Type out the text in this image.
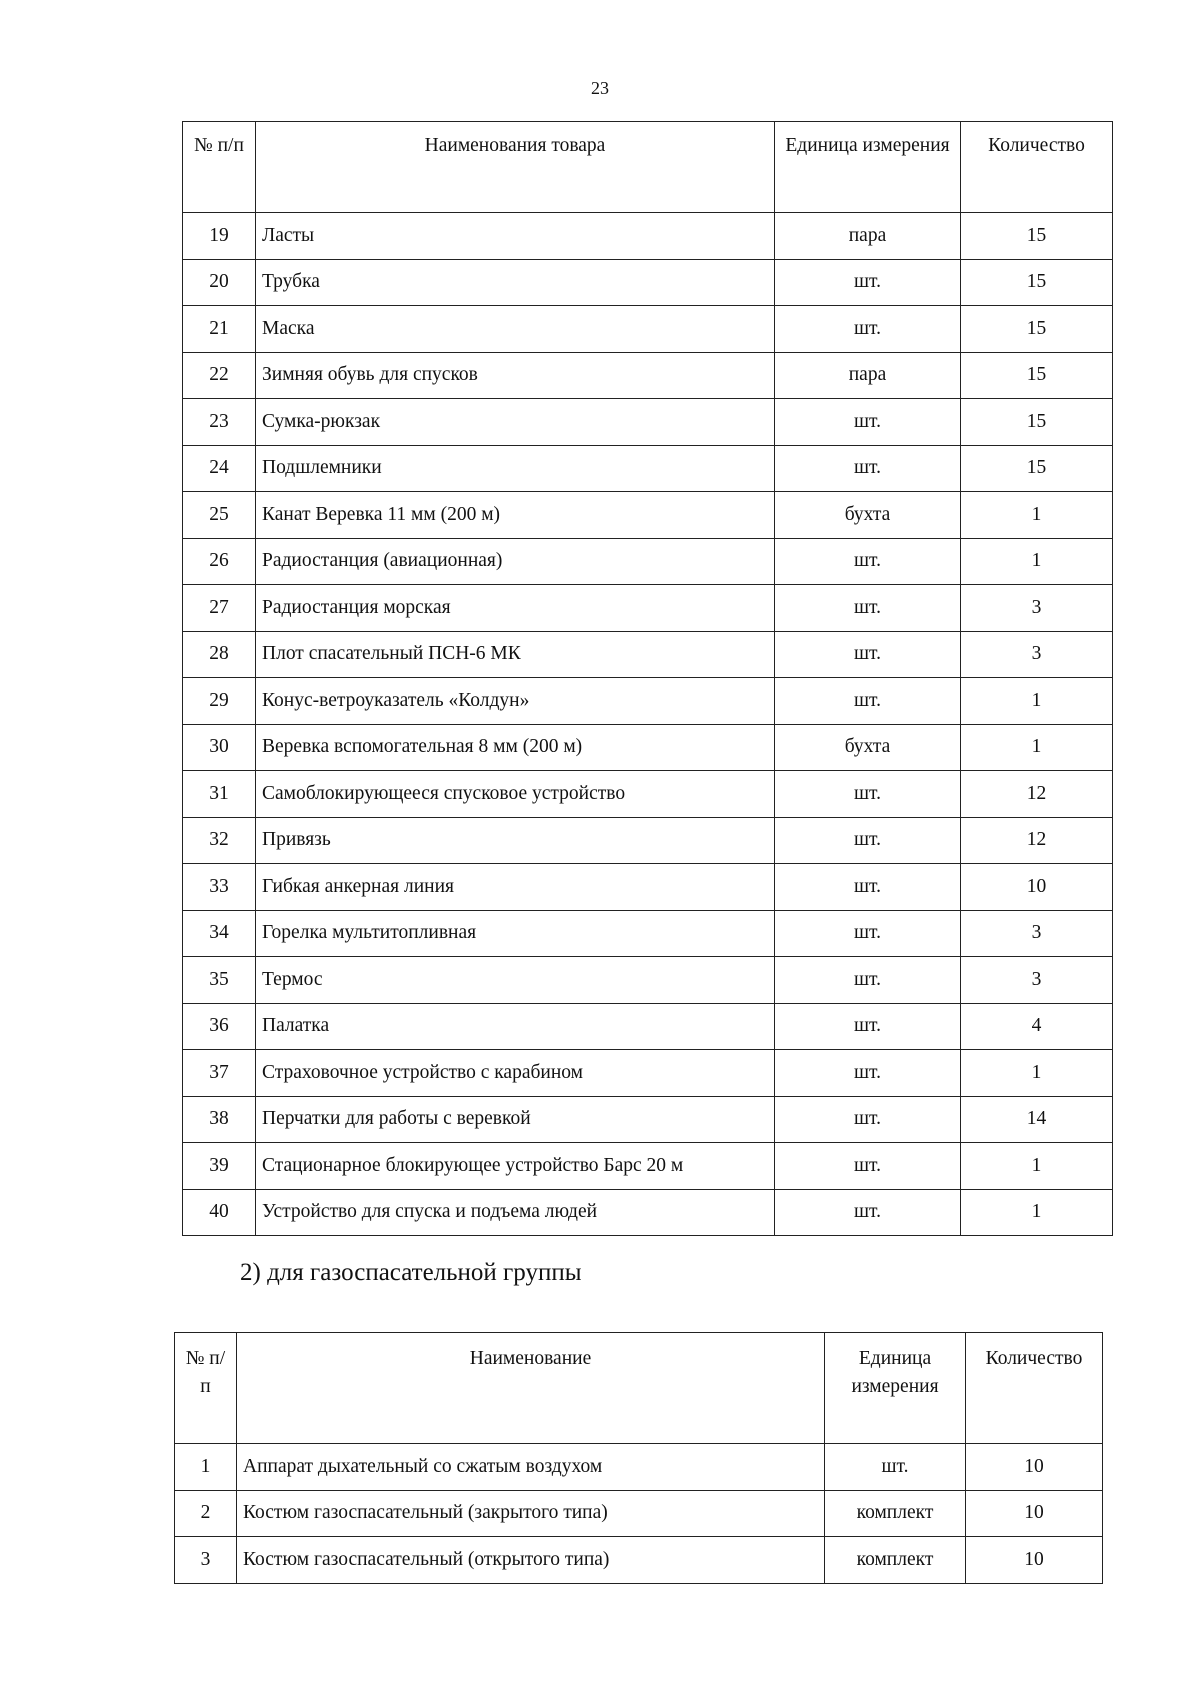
23
№ п/п	Наименования товара	Единица измерения	Количество
19	Ласты	пара	15
20	Трубка	шт.	15
21	Маска	шт.	15
22	Зимняя обувь для спусков	пара	15
23	Сумка-рюкзак	шт.	15
24	Подшлемники	шт.	15
25	Канат Веревка 11 мм (200 м)	бухта	1
26	Радиостанция (авиационная)	шт.	1
27	Радиостанция морская	шт.	3
28	Плот спасательный ПСН-6 МК	шт.	3
29	Конус-ветроуказатель «Колдун»	шт.	1
30	Веревка вспомогательная 8 мм (200 м)	бухта	1
31	Самоблокирующееся спусковое устройство	шт.	12
32	Привязь	шт.	12
33	Гибкая анкерная линия	шт.	10
34	Горелка мультитопливная	шт.	3
35	Термос	шт.	3
36	Палатка	шт.	4
37	Страховочное устройство с карабином	шт.	1
38	Перчатки для работы с веревкой	шт.	14
39	Стационарное блокирующее устройство Барс 20 м	шт.	1
40	Устройство для спуска и подъема людей	шт.	1
2) для газоспасательной группы
№ п/п	Наименование	Единица измерения	Количество
1	Аппарат дыхательный со сжатым воздухом	шт.	10
2	Костюм газоспасательный (закрытого типа)	комплект	10
3	Костюм газоспасательный (открытого типа)	комплект	10
